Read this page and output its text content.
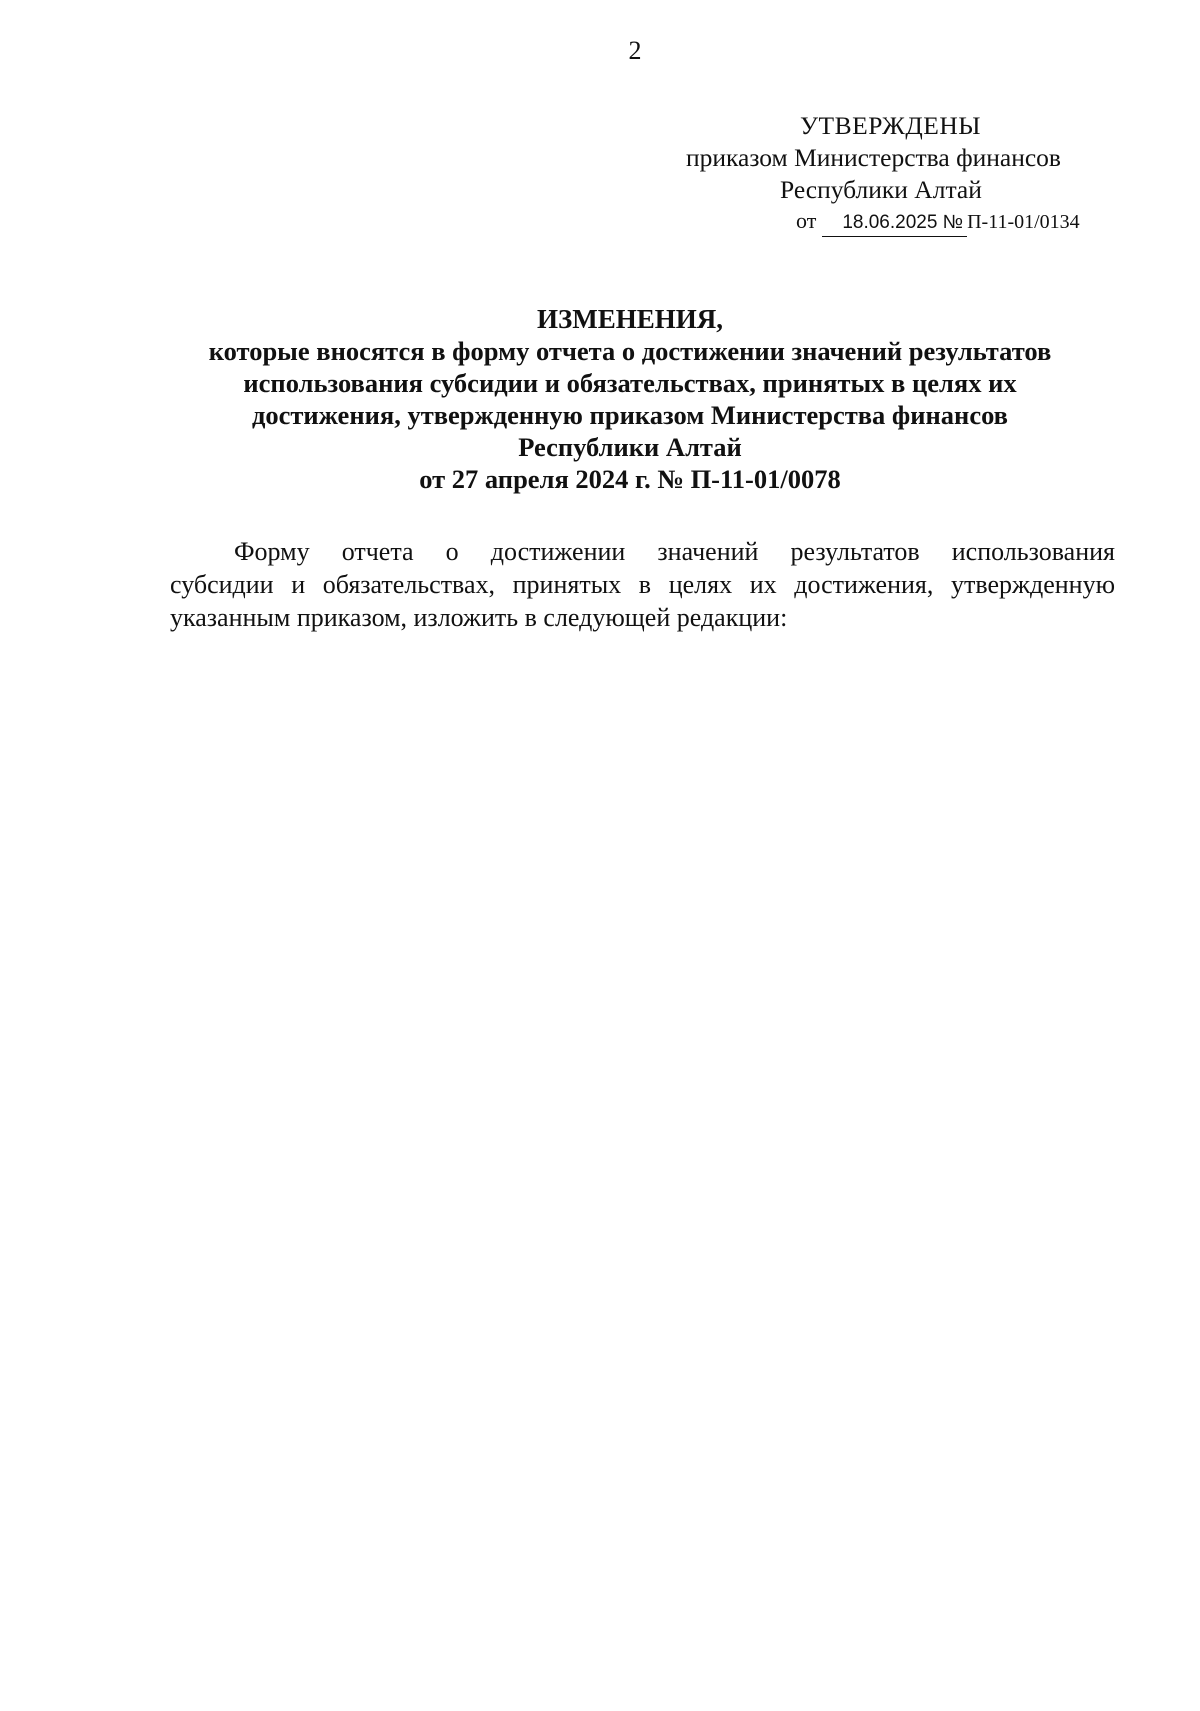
2
УТВЕРЖДЕНЫ
приказом Министерства финансов
Республики Алтай
от 18.06.2025 № П-11-01/0134
ИЗМЕНЕНИЯ,
которые вносятся в форму отчета о достижении значений результатов
использования субсидии и обязательствах, принятых в целях их
достижения, утвержденную приказом Министерства финансов
Республики Алтай
от 27 апреля 2024 г. № П-11-01/0078
Форму отчета о достижении значений результатов использования
субсидии и обязательствах, принятых в целях их достижения, утвержденную
указанным приказом, изложить в следующей редакции:
